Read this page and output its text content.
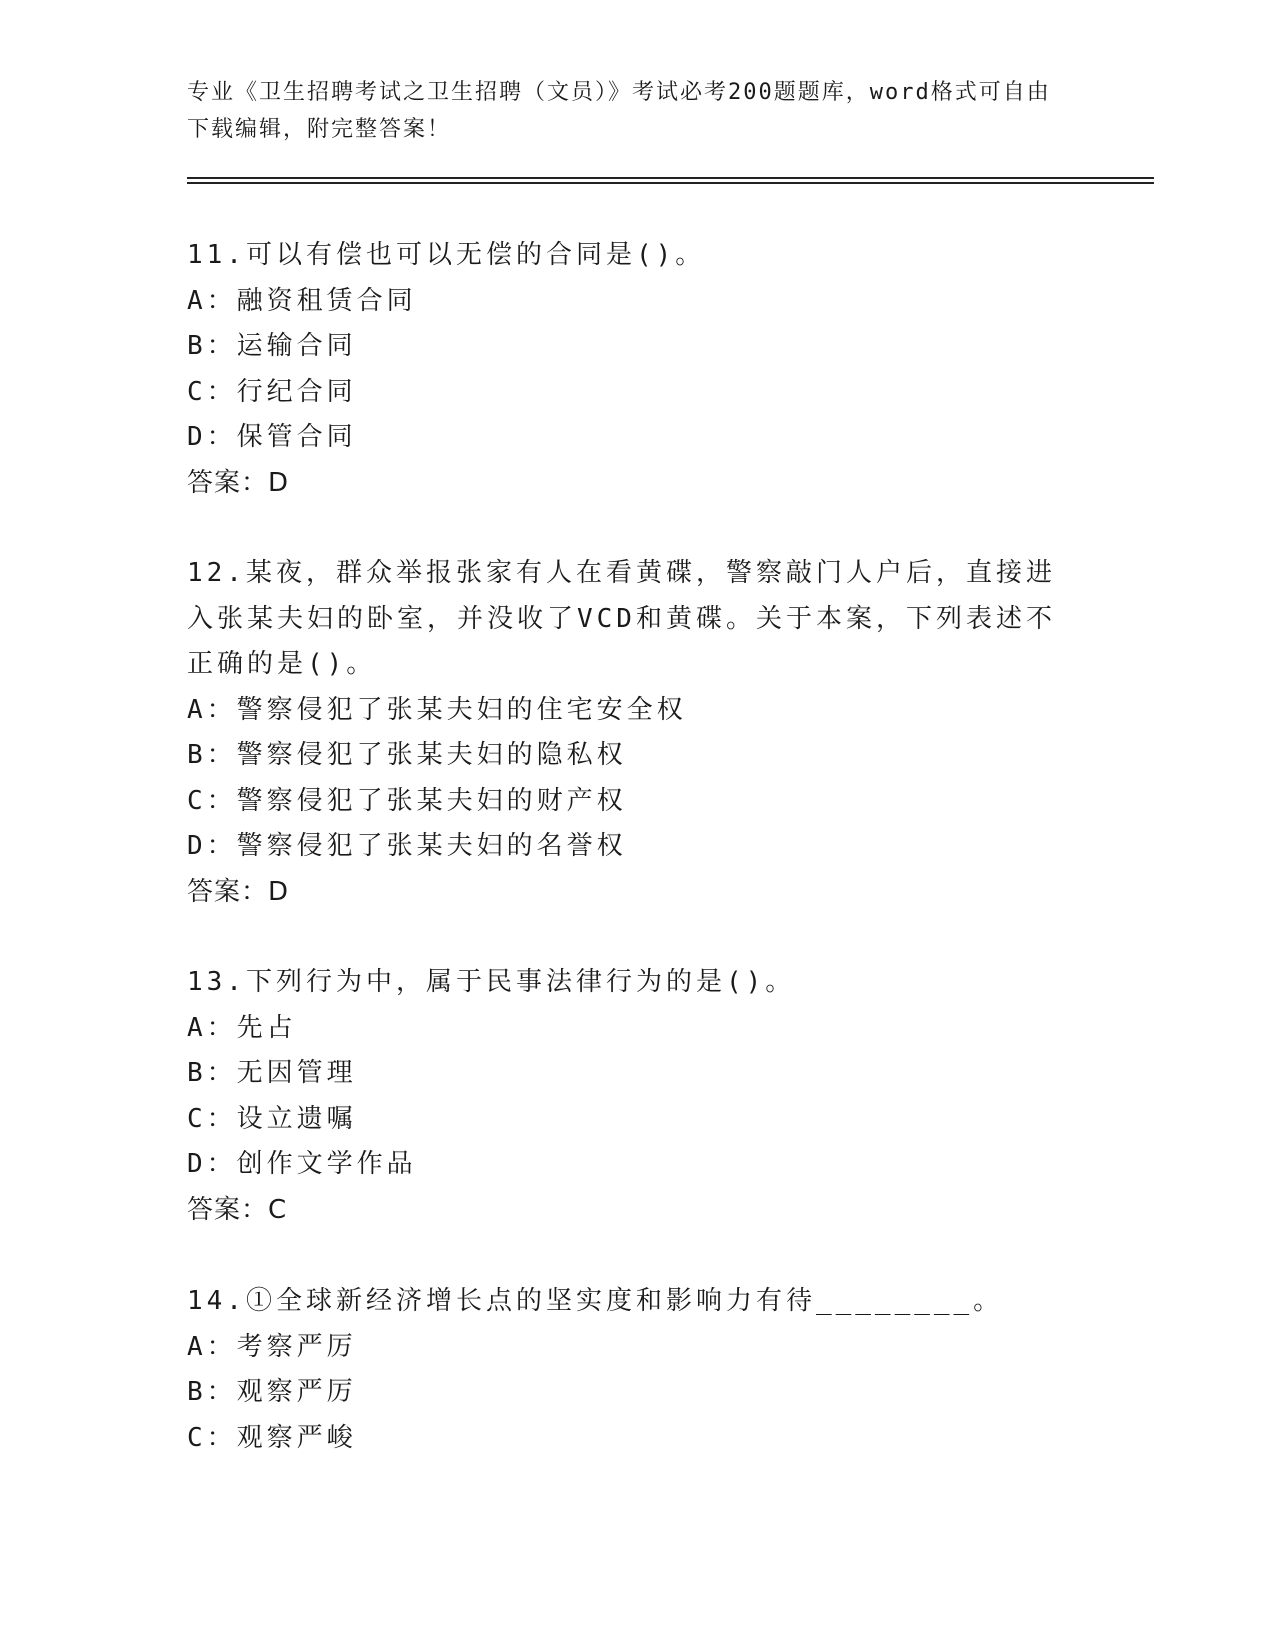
专业《卫生招聘考试之卫生招聘（文员）》考试必考200题题库，word格式可自由下载编辑，附完整答案！
11.可以有偿也可以无偿的合同是()。
A：融资租赁合同
B：运输合同
C：行纪合同
D：保管合同
答案：D
12.某夜，群众举报张家有人在看黄碟，警察敲门人户后，直接进入张某夫妇的卧室，并没收了VCD和黄碟。关于本案，下列表述不正确的是()。
A：警察侵犯了张某夫妇的住宅安全权
B：警察侵犯了张某夫妇的隐私权
C：警察侵犯了张某夫妇的财产权
D：警察侵犯了张某夫妇的名誉权
答案：D
13.下列行为中，属于民事法律行为的是()。
A：先占
B：无因管理
C：设立遗嘱
D：创作文学作品
答案：C
14.①全球新经济增长点的坚实度和影响力有待________。
A：考察严厉
B：观察严厉
C：观察严峻
